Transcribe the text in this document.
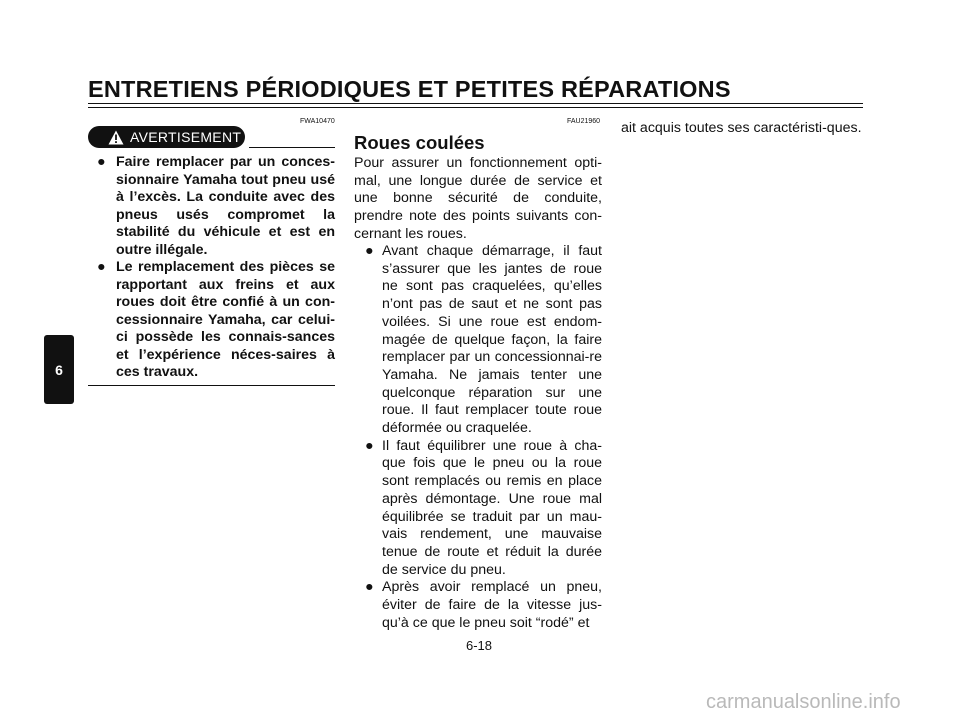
ENTRETIENS PÉRIODIQUES ET PETITES RÉPARATIONS
6
FWA10470
AVERTISEMENT
● Faire remplacer par un conces-sionnaire Yamaha tout pneu usé à l’excès. La conduite avec des pneus usés compromet la stabilité du véhicule et est en outre illégale.
● Le remplacement des pièces se rapportant aux freins et aux roues doit être confié à un con-cessionnaire Yamaha, car celui-ci possède les connais-sances et l’expérience néces-saires à ces travaux.
FAU21960
Roues coulées
Pour assurer un fonctionnement opti-mal, une longue durée de service et une bonne sécurité de conduite, prendre note des points suivants con-cernant les roues.
● Avant chaque démarrage, il faut s’assurer que les jantes de roue ne sont pas craquelées, qu’elles n’ont pas de saut et ne sont pas voilées. Si une roue est endom-magée de quelque façon, la faire remplacer par un concessionnai-re Yamaha. Ne jamais tenter une quelconque réparation sur une roue. Il faut remplacer toute roue déformée ou craquelée.
● Il faut équilibrer une roue à cha-que fois que le pneu ou la roue sont remplacés ou remis en place après démontage. Une roue mal équilibrée se traduit par un mau-vais rendement, une mauvaise tenue de route et réduit la durée de service du pneu.
● Après avoir remplacé un pneu, éviter de faire de la vitesse jus-qu’à ce que le pneu soit “rodé” et
ait acquis toutes ses caractéristi-ques.
6-18
carmanualsonline.info
